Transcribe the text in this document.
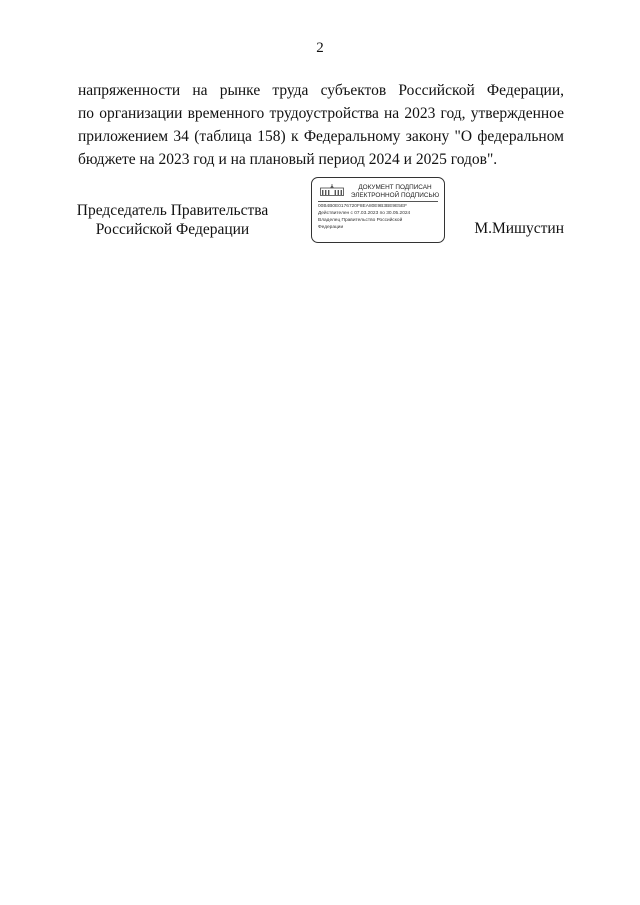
2
напряженности на рынке труда субъектов Российской Федерации,
по организации временного трудоустройства на 2023 год, утвержденное
приложением 34 (таблица 158) к Федеральному закону "О федеральном
бюджете на 2023 год и на плановый период 2024 и 2025 годов".
Председатель Правительства
Российской Федерации
ДОКУМЕНТ ПОДПИСАН
ЭЛЕКТРОННОЙ ПОДПИСЬЮ
00B4B0E0176720F8EA80E9B3BE9E5EF
Действителен с 07.03.2023 по 30.05.2024
Владелец Правительство Российской
Федерации	М.Мишустин
